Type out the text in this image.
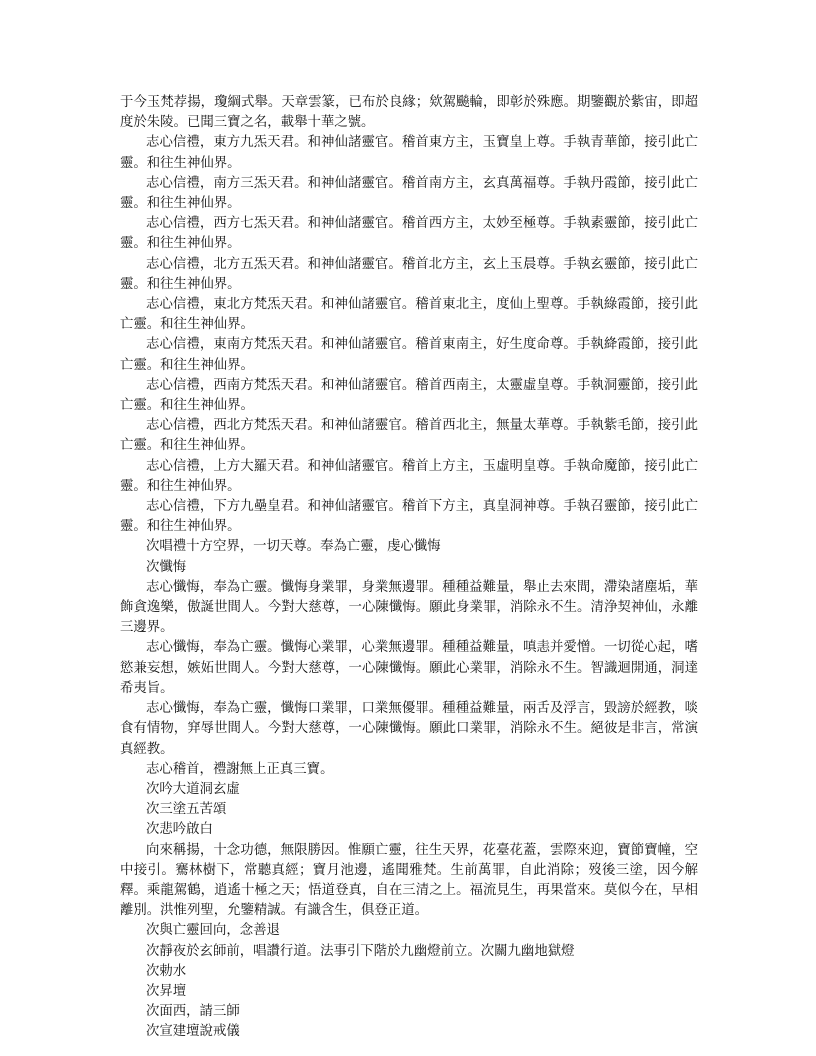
于今玉梵荐揚，瓊綱式舉。天章雲篆，已布於良緣；欸駕飈輪，即彰於殊應。期鑒觀於紫宙，即超度於朱陵。已聞三寶之名，載舉十華之號。

志心信禮，東方九炁天君。和神仙諸靈官。稽首東方主，玉寶皇上尊。手執青華節，接引此亡靈。和往生神仙界。

志心信禮，南方三炁天君。和神仙諸靈官。稽首南方主，玄真萬福尊。手執丹霞節，接引此亡靈。和往生神仙界。

志心信禮，西方七炁天君。和神仙諸靈官。稽首西方主，太妙至極尊。手執素靈節，接引此亡靈。和往生神仙界。

志心信禮，北方五炁天君。和神仙諸靈官。稽首北方主，玄上玉晨尊。手執玄靈節，接引此亡靈。和往生神仙界。

志心信禮，東北方梵炁天君。和神仙諸靈官。稽首東北主，度仙上聖尊。手執綠霞節，接引此亡靈。和往生神仙界。

志心信禮，東南方梵炁天君。和神仙諸靈官。稽首東南主，好生度命尊。手執絳霞節，接引此亡靈。和往生神仙界。

志心信禮，西南方梵炁天君。和神仙諸靈官。稽首西南主，太靈虛皇尊。手執洞靈節，接引此亡靈。和往生神仙界。

志心信禮，西北方梵炁天君。和神仙諸靈官。稽首西北主，無量太華尊。手執紫毛節，接引此亡靈。和往生神仙界。

志心信禮，上方大羅天君。和神仙諸靈官。稽首上方主，玉虛明皇尊。手執命魔節，接引此亡靈。和往生神仙界。

志心信禮，下方九壘皇君。和神仙諸靈官。稽首下方主，真皇洞神尊。手執召靈節，接引此亡靈。和往生神仙界。

次唱禮十方空界，一切天尊。奉為亡靈，虔心懺悔

次懺悔

志心懺悔，奉為亡靈。懺悔身業罪，身業無邊罪。種種益難量，舉止去來間，滯染諸塵垢，華飾貪逸樂，傲誕世間人。今對大慈尊，一心陳懺悔。願此身業罪，消除永不生。清浄契神仙，永離三邊界。

志心懺悔，奉為亡靈。懺悔心業罪，心業無邊罪。種種益難量，嗔恚并愛憎。一切從心起，嗜慾兼妄想，嫉妬世間人。今對大慈尊，一心陳懺悔。願此心業罪，消除永不生。智識迴開通，洞達希夷旨。

志心懺悔，奉為亡靈，懺悔口業罪，口業無優罪。種種益難量，兩舌及浮言，毀謗於經教，啖食有情物，穽辱世間人。今對大慈尊，一心陳懺悔。願此口業罪，消除永不生。絕彼是非言，常演真經教。

志心稽首，禮謝無上正真三寶。

次吟大道洞玄虛

次三塗五苦頌

次悲吟啟白

向來稱揚，十念功德，無限勝因。惟願亡靈，往生天界，花臺花蓋，雲際來迎，寶節寶幢，空中接引。騫林樹下，常聽真經；寶月池邊，遙聞雅梵。生前萬罪，自此消除；歿後三塗，因今解釋。乘龍駕鶴，逍遙十極之天；悟道登真，自在三清之上。福流見生，再果當來。莫似今在，早相離別。洪惟列聖，允鑒精誠。有識含生，俱登正道。

次與亡靈回向，念善退

次靜夜於玄師前，唱讚行道。法事引下階於九幽燈前立。次關九幽地獄燈

次勅水

次昇壇

次面西，請三師

次宣建壇說戒儀
